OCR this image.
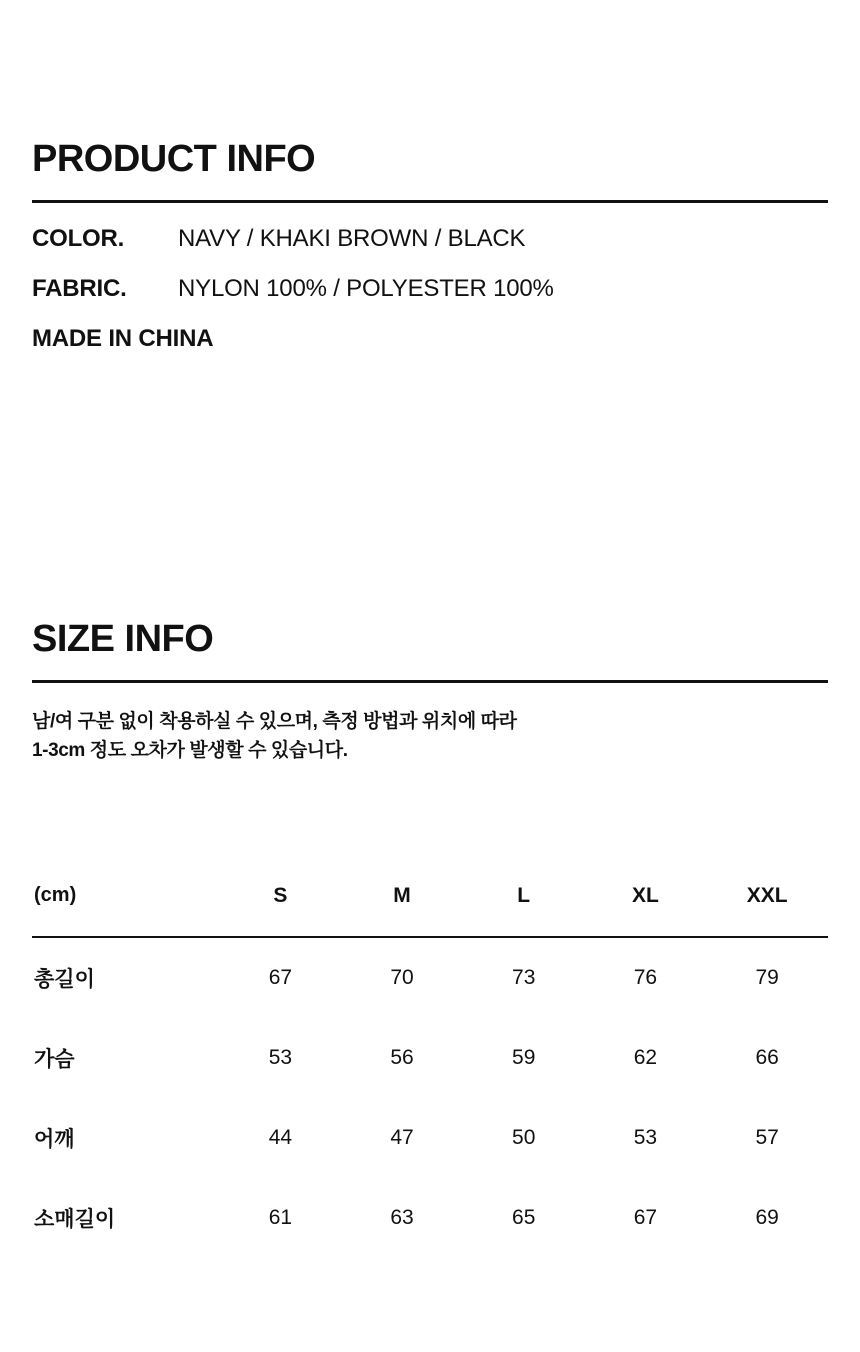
PRODUCT INFO
COLOR.	NAVY / KHAKI BROWN / BLACK
FABRIC.	NYLON 100% / POLYESTER 100%
MADE IN CHINA
SIZE INFO
남/여 구분 없이 착용하실 수 있으며, 측정 방법과 위치에 따라
1-3cm 정도 오차가 발생할 수 있습니다.
(cm)	S	M	L	XL	XXL
총길이	67	70	73	76	79
가슴	53	56	59	62	66
어깨	44	47	50	53	57
소매길이	61	63	65	67	69
